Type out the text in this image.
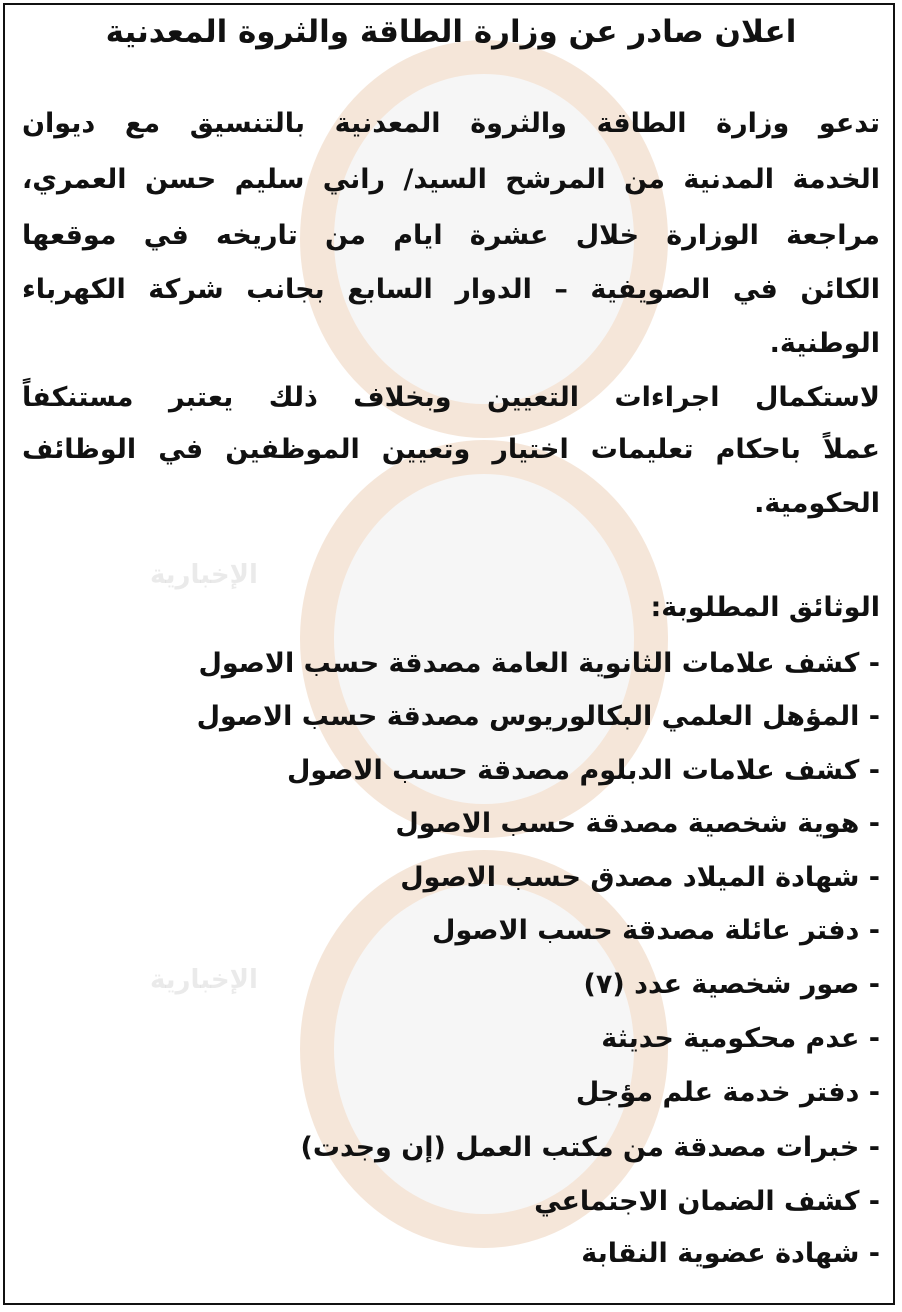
الإخبارية
الإخبارية
اعلان صادر عن وزارة الطاقة والثروة المعدنية
تدعو وزارة الطاقة والثروة المعدنية بالتنسيق مع ديوان
الخدمة المدنية من المرشح السيد/ راني سليم حسن العمري،
مراجعة الوزارة خلال عشرة ايام من تاريخه في موقعها
الكائن في الصويفية – الدوار السابع بجانب شركة الكهرباء
الوطنية.
لاستكمال اجراءات التعيين وبخلاف ذلك يعتبر مستنكفاً
عملاً باحكام تعليمات اختيار وتعيين الموظفين في الوظائف
الحكومية.
الوثائق المطلوبة:
- كشف علامات الثانوية العامة مصدقة حسب الاصول
- المؤهل العلمي البكالوريوس مصدقة حسب الاصول
- كشف علامات الدبلوم مصدقة حسب الاصول
- هوية شخصية مصدقة حسب الاصول
- شهادة الميلاد مصدق حسب الاصول
- دفتر عائلة مصدقة حسب الاصول
- صور شخصية عدد (٧)
- عدم محكومية حديثة
- دفتر خدمة علم مؤجل
- خبرات مصدقة من مكتب العمل (إن وجدت)
- كشف الضمان الاجتماعي
- شهادة عضوية النقابة
